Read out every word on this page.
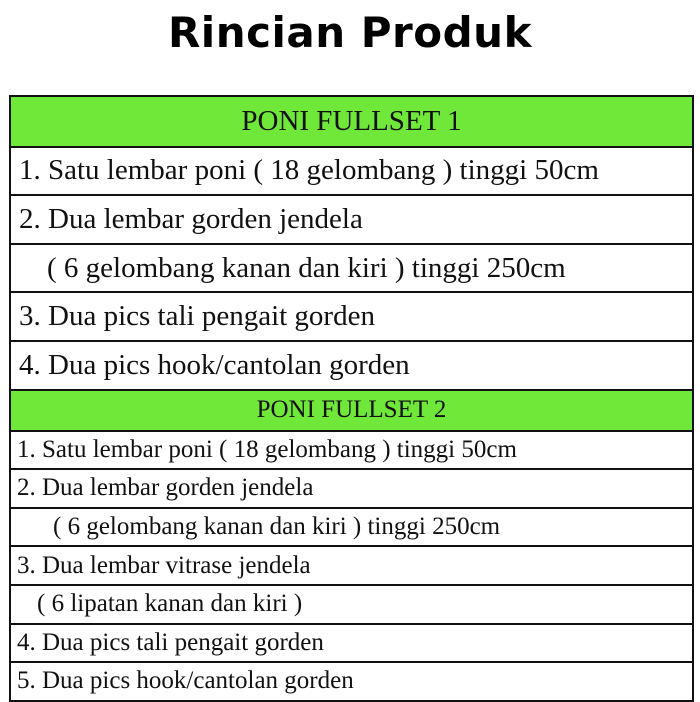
Rincian Produk
PONI FULLSET 1
1. Satu lembar poni ( 18 gelombang ) tinggi 50cm
2. Dua lembar gorden jendela
( 6 gelombang kanan dan kiri ) tinggi 250cm
3. Dua pics tali pengait gorden
4. Dua pics hook/cantolan gorden
PONI FULLSET 2
1. Satu lembar poni ( 18 gelombang ) tinggi 50cm
2. Dua lembar gorden jendela
( 6 gelombang kanan dan kiri ) tinggi 250cm
3. Dua lembar vitrase jendela
( 6 lipatan kanan dan kiri )
4. Dua pics tali pengait gorden
5. Dua pics hook/cantolan gorden
